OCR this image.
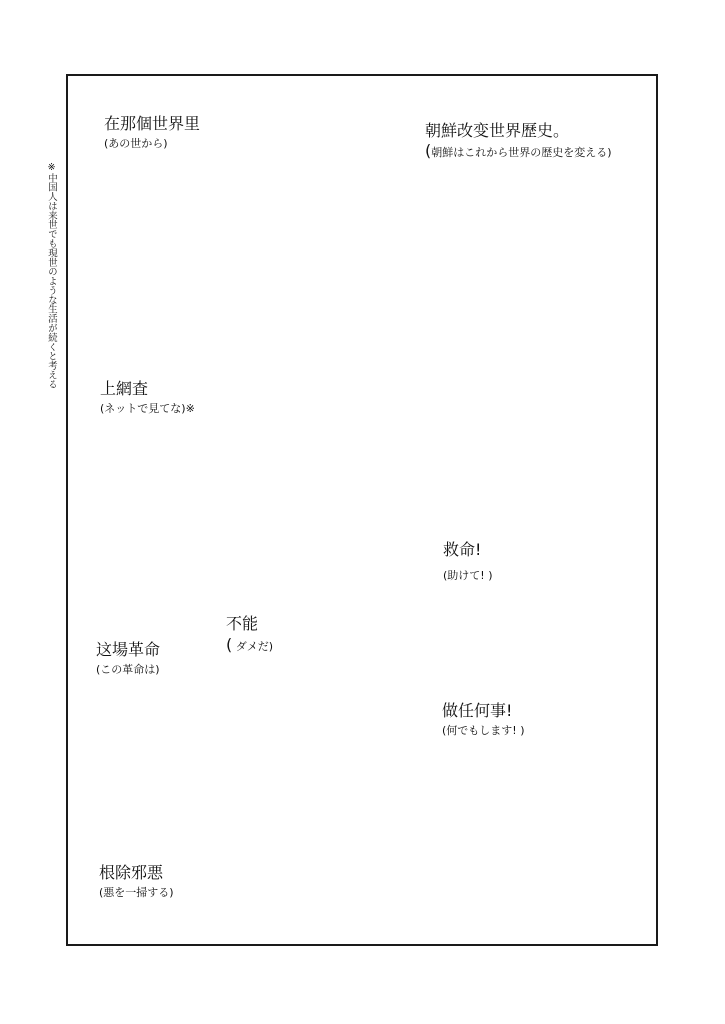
※中国人は来世でも現世のような生活が続くと考える
在那個世界里
(あの世から)
朝鮮改变世界歷史。
(朝鮮はこれから世界の歴史を変える)
上網査
(ネットで見てな)※
救命!
(助けて! )
不能
( ダメだ)
这場革命
(この革命は)
做任何事!
(何でもします! )
根除邪悪
(悪を一掃する)
